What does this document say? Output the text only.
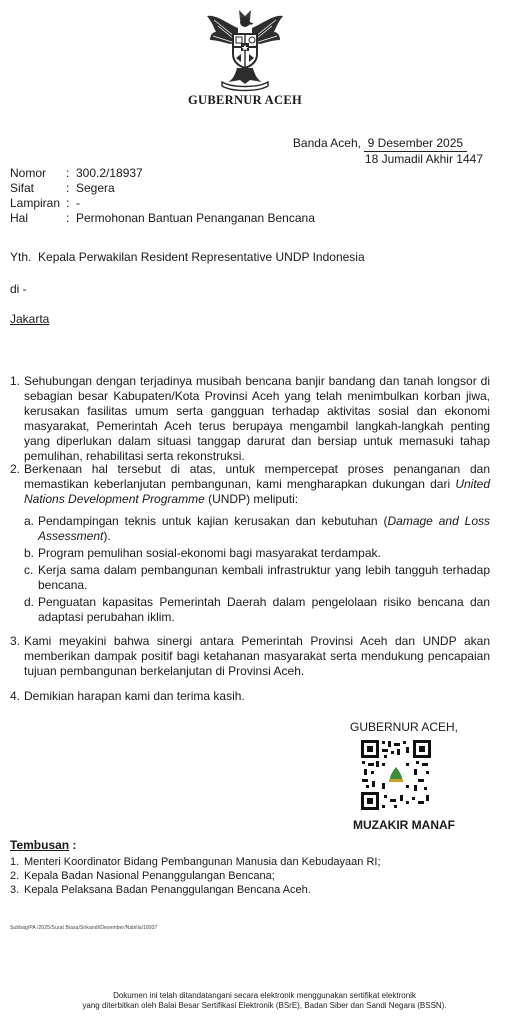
GUBERNUR ACEH
Banda Aceh, 9 Desember 2025
18 Jumadil Akhir 1447
Nomor	: 300.2/18937
Sifat	: Segera
Lampiran : -
Hal	: Permohonan Bantuan Penanganan Bencana
Yth.  Kepala Perwakilan Resident Representative UNDP Indonesia
di -
Jakarta
1. Sehubungan dengan terjadinya musibah bencana banjir bandang dan tanah longsor di sebagian besar Kabupaten/Kota Provinsi Aceh yang telah menimbulkan korban jiwa, kerusakan fasilitas umum serta gangguan terhadap aktivitas sosial dan ekonomi masyarakat, Pemerintah Aceh terus berupaya mengambil langkah-langkah penting yang diperlukan dalam situasi tanggap darurat dan bersiap untuk memasuki tahap pemulihan, rehabilitasi serta rekonstruksi.
2. Berkenaan hal tersebut di atas, untuk mempercepat proses penanganan dan memastikan keberlanjutan pembangunan, kami mengharapkan dukungan dari United Nations Development Programme (UNDP) meliputi:
a. Pendampingan teknis untuk kajian kerusakan dan kebutuhan (Damage and Loss Assessment).
b. Program pemulihan sosial-ekonomi bagi masyarakat terdampak.
c. Kerja sama dalam pembangunan kembali infrastruktur yang lebih tangguh terhadap bencana.
d. Penguatan kapasitas Pemerintah Daerah dalam pengelolaan risiko bencana dan adaptasi perubahan iklim.
3. Kami meyakini bahwa sinergi antara Pemerintah Provinsi Aceh dan UNDP akan memberikan dampak positif bagi ketahanan masyarakat serta mendukung pencapaian tujuan pembangunan berkelanjutan di Provinsi Aceh.
4. Demikian harapan kami dan terima kasih.
GUBERNUR ACEH,
MUZAKIR MANAF
Tembusan :
1. Menteri Koordinator Bidang Pembangunan Manusia dan Kebudayaan RI;
2. Kepala Badan Nasional Penanggulangan Bencana;
3. Kepala Pelaksana Badan Penanggulangan Bencana Aceh.
Subbag/PA /2025/Surat Biasa/Srikandi/Desember/Nabilla/18937
Dokumen ini telah ditandatangani secara elektronik menggunakan sertifikat elektronik
yang diterbitkan oleh Balai Besar Sertifikasi Elektronik (BSrE), Badan Siber dan Sandi Negara (BSSN).
